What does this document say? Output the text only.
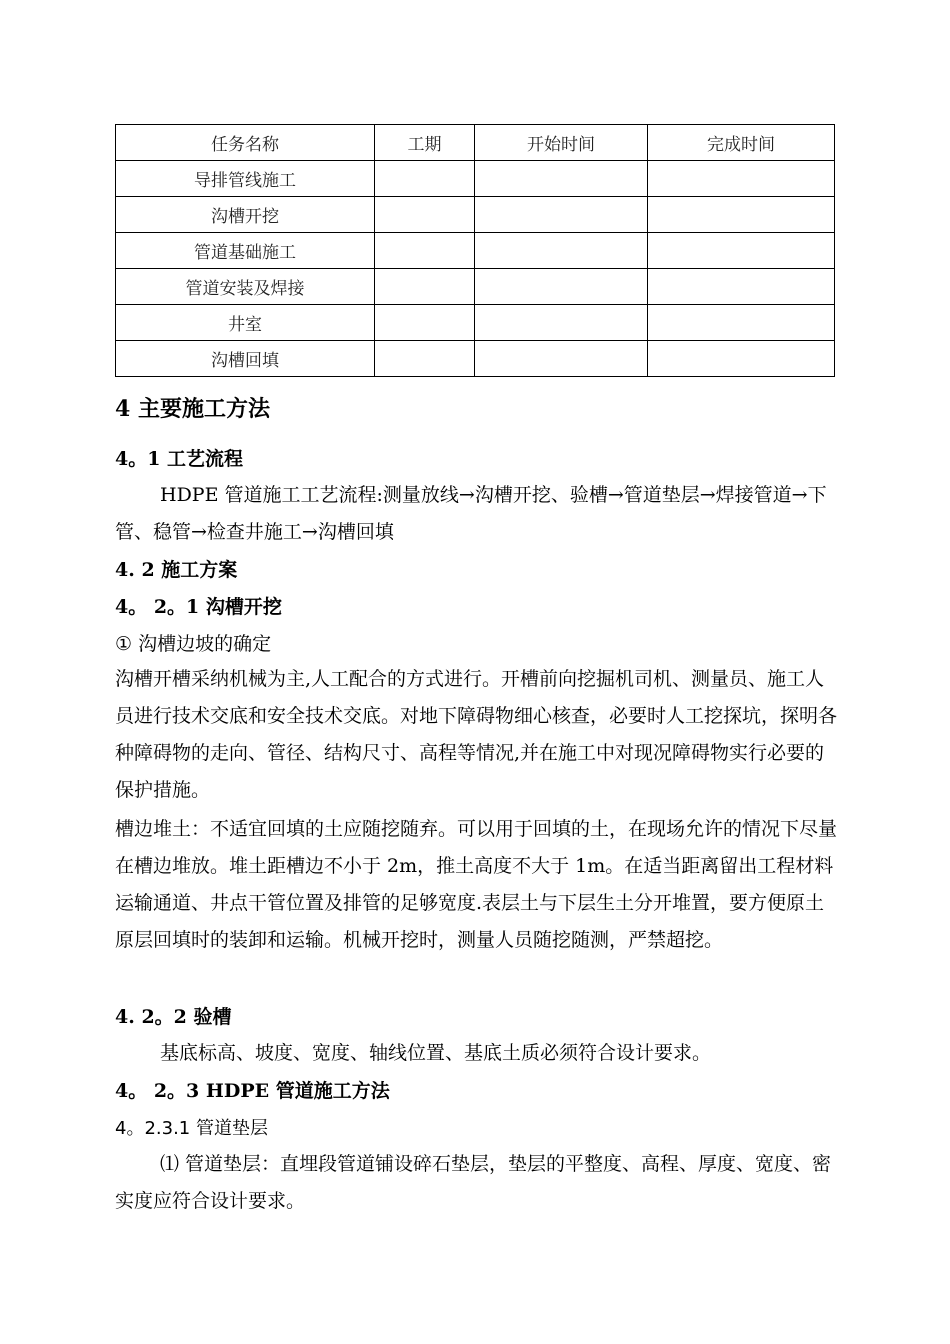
任务名称	工期	开始时间	完成时间
导排管线施工			
沟槽开挖			
管道基础施工			
管道安装及焊接			
井室			
沟槽回填			
4 主要施工方法
4。1 工艺流程

HDPE 管道施工工艺流程:测量放线→沟槽开挖、验槽→管道垫层→焊接管道→下管、稳管→检查井施工→沟槽回填

4. 2 施工方案
4。 2。1 沟槽开挖
① 沟槽边坡的确定

沟槽开槽采纳机械为主,人工配合的方式进行。开槽前向挖掘机司机、测量员、施工人员进行技术交底和安全技术交底。对地下障碍物细心核查，必要时人工挖探坑，探明各种障碍物的走向、管径、结构尺寸、高程等情况,并在施工中对现况障碍物实行必要的保护措施。

槽边堆土：不适宜回填的土应随挖随弃。可以用于回填的土，在现场允许的情况下尽量在槽边堆放。堆土距槽边不小于 2m，推土高度不大于 1m。在适当距离留出工程材料运输通道、井点干管位置及排管的足够宽度.表层土与下层生土分开堆置，要方便原土原层回填时的装卸和运输。机械开挖时，测量人员随挖随测，严禁超挖。

4. 2。2 验槽

基底标高、坡度、宽度、轴线位置、基底土质必须符合设计要求。

4。 2。3 HDPE 管道施工方法
4。2.3.1 管道垫层

⑴ 管道垫层：直埋段管道铺设碎石垫层，垫层的平整度、高程、厚度、宽度、密实度应符合设计要求。
